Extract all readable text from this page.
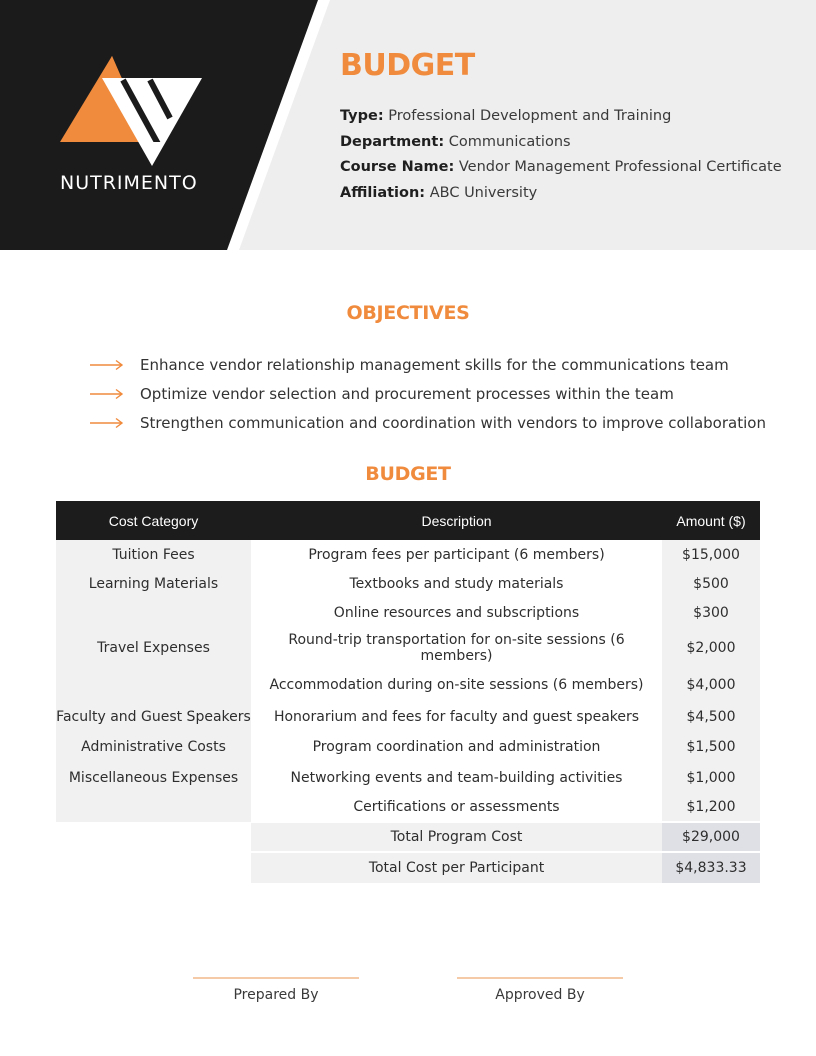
NUTRIMENTO
BUDGET
Type: Professional Development and Training
Department: Communications
Course Name: Vendor Management Professional Certificate
Affiliation: ABC University
OBJECTIVES
Enhance vendor relationship management skills for the communications team
Optimize vendor selection and procurement processes within the team
Strengthen communication and coordination with vendors to improve collaboration
BUDGET
Cost Category	Description	Amount ($)
Tuition Fees	Program fees per participant (6 members)	$15,000
Learning Materials	Textbooks and study materials	$500
	Online resources and subscriptions	$300
Travel Expenses	Round-trip transportation for on-site sessions (6 members)	$2,000
	Accommodation during on-site sessions (6 members)	$4,000
Faculty and Guest Speakers	Honorarium and fees for faculty and guest speakers	$4,500
Administrative Costs	Program coordination and administration	$1,500
Miscellaneous Expenses	Networking events and team-building activities	$1,000
	Certifications or assessments	$1,200
	Total Program Cost	$29,000
	Total Cost per Participant	$4,833.33
Prepared By	Approved By
